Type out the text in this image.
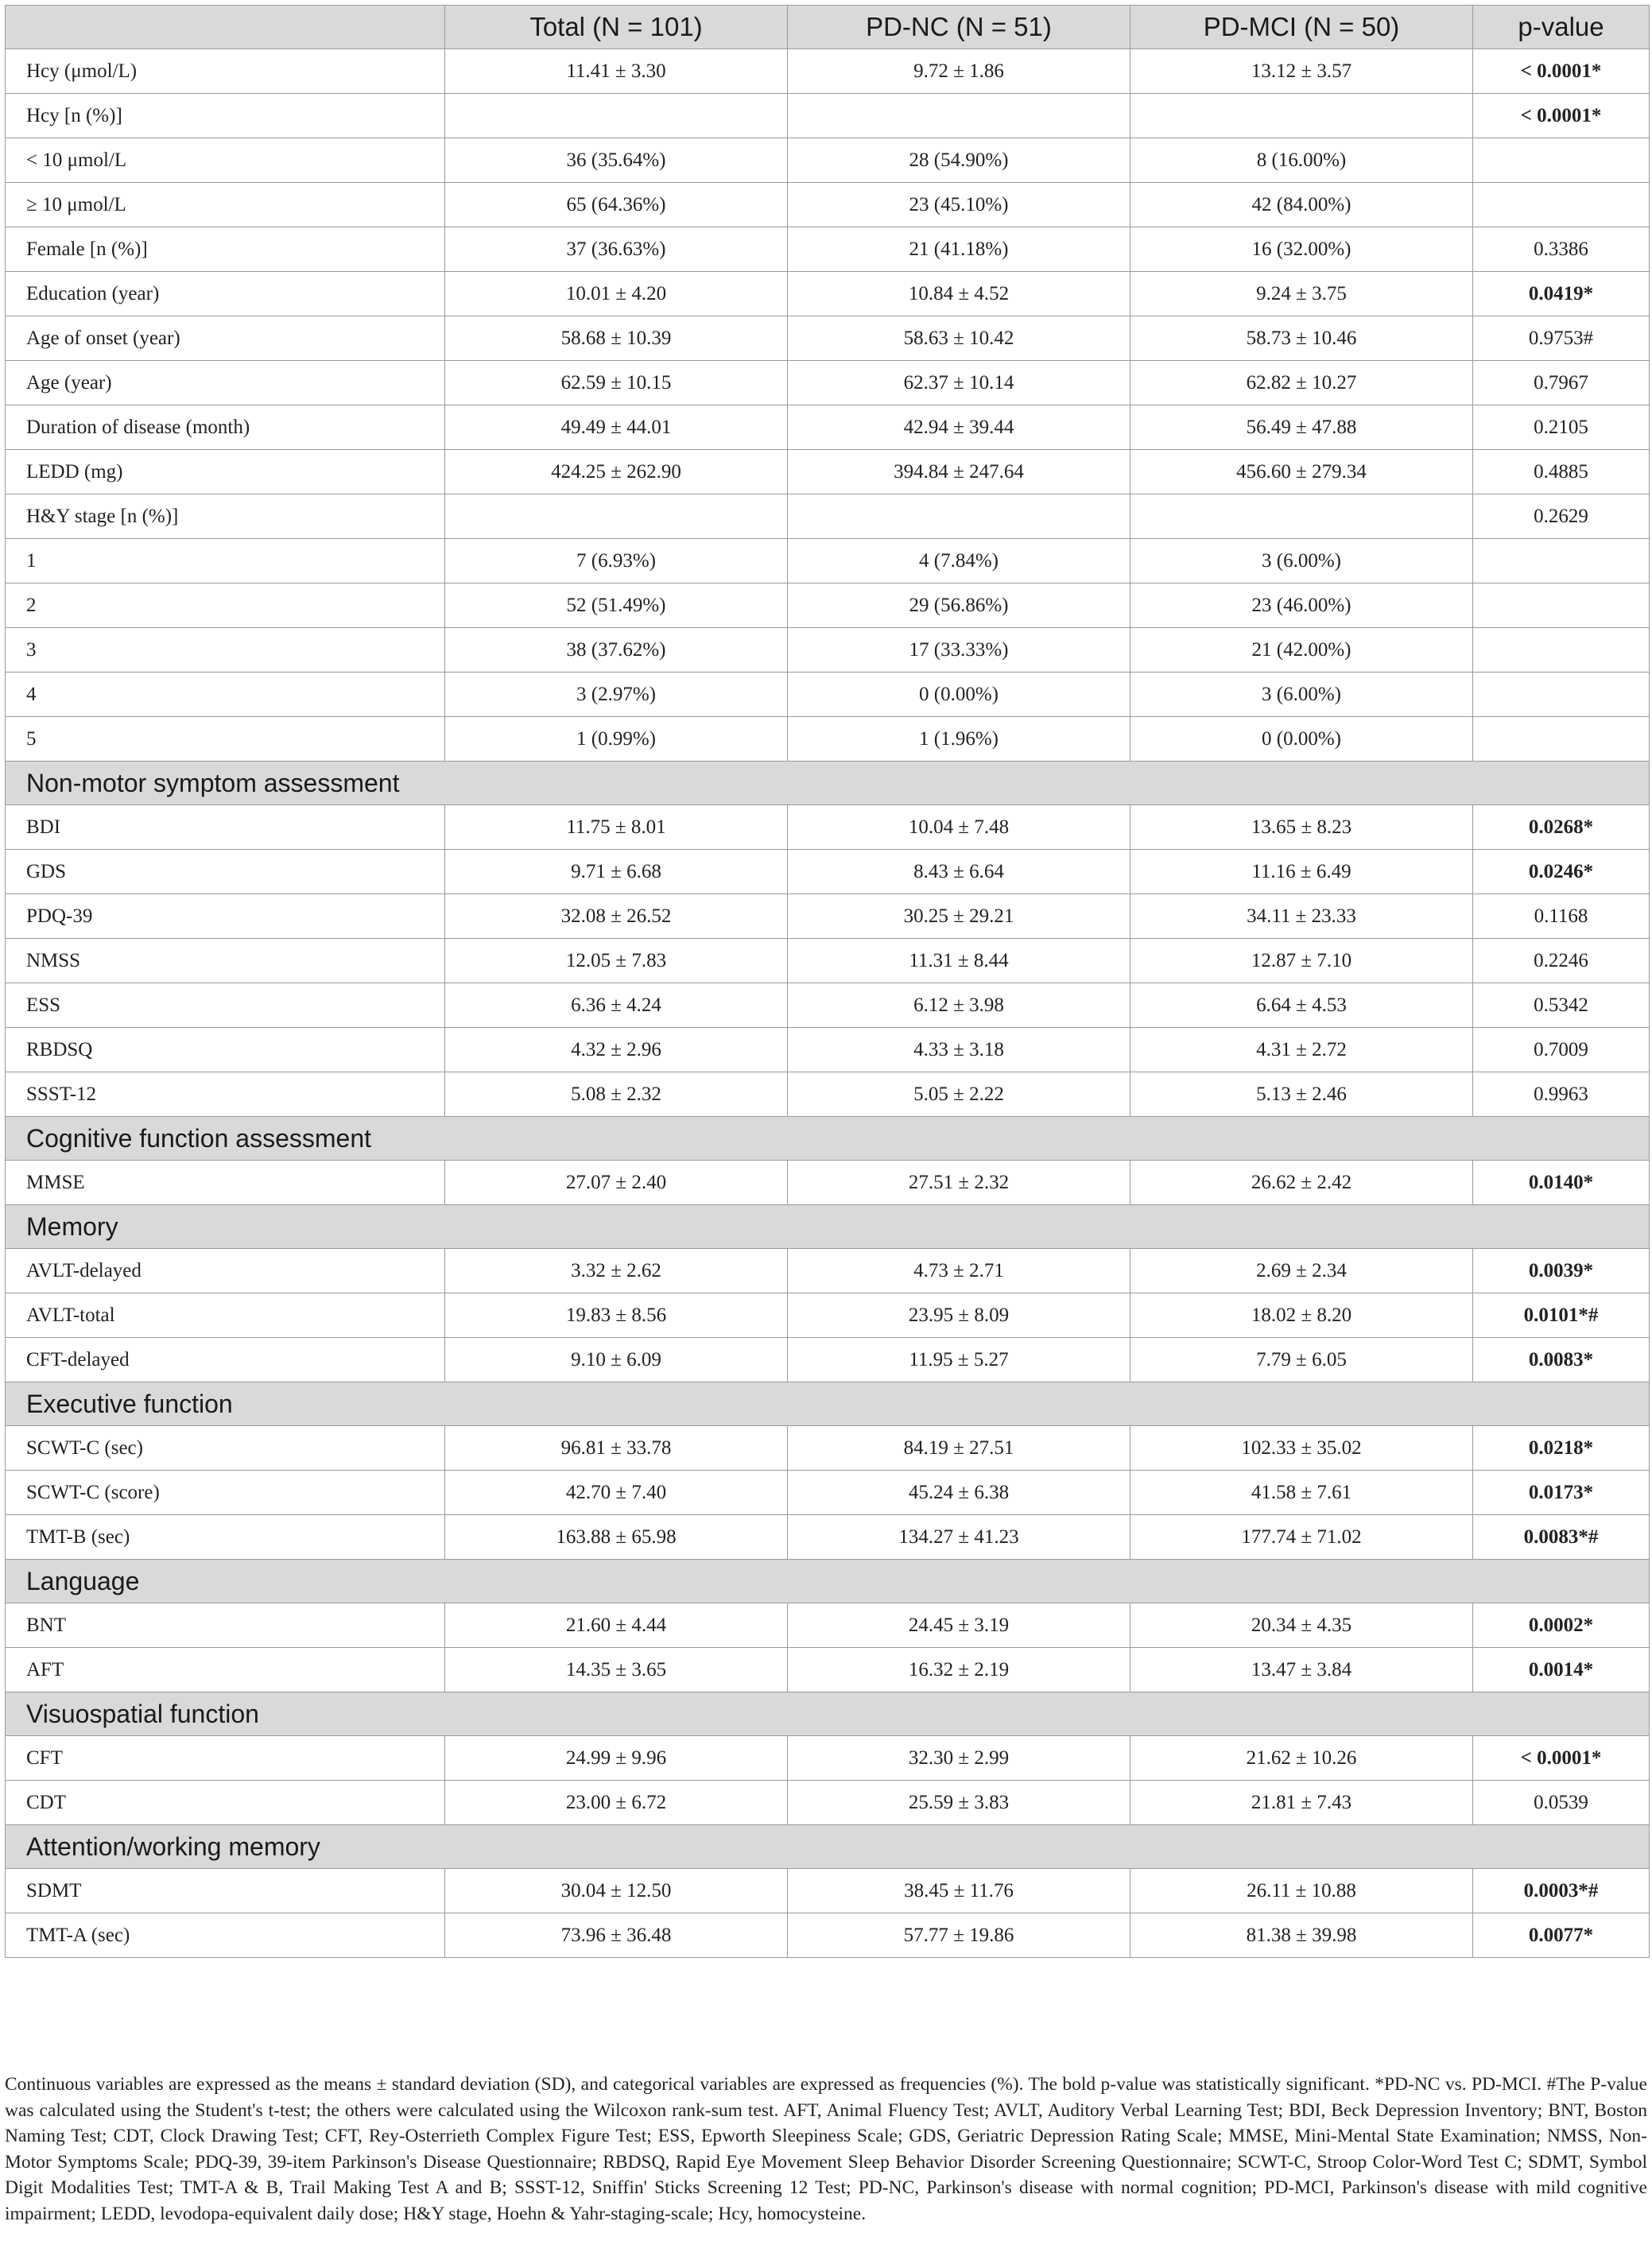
	Total (N = 101)	PD-NC (N = 51)	PD-MCI (N = 50)	p-value
Hcy (μmol/L)	11.41 ± 3.30	9.72 ± 1.86	13.12 ± 3.57	< 0.0001*
Hcy [n (%)]				< 0.0001*
< 10 μmol/L	36 (35.64%)	28 (54.90%)	8 (16.00%)	
≥ 10 μmol/L	65 (64.36%)	23 (45.10%)	42 (84.00%)	
Female [n (%)]	37 (36.63%)	21 (41.18%)	16 (32.00%)	0.3386
Education (year)	10.01 ± 4.20	10.84 ± 4.52	9.24 ± 3.75	0.0419*
Age of onset (year)	58.68 ± 10.39	58.63 ± 10.42	58.73 ± 10.46	0.9753#
Age (year)	62.59 ± 10.15	62.37 ± 10.14	62.82 ± 10.27	0.7967
Duration of disease (month)	49.49 ± 44.01	42.94 ± 39.44	56.49 ± 47.88	0.2105
LEDD (mg)	424.25 ± 262.90	394.84 ± 247.64	456.60 ± 279.34	0.4885
H&Y stage [n (%)]				0.2629
1	7 (6.93%)	4 (7.84%)	3 (6.00%)	
2	52 (51.49%)	29 (56.86%)	23 (46.00%)	
3	38 (37.62%)	17 (33.33%)	21 (42.00%)	
4	3 (2.97%)	0 (0.00%)	3 (6.00%)	
5	1 (0.99%)	1 (1.96%)	0 (0.00%)	
Non-motor symptom assessment				
BDI	11.75 ± 8.01	10.04 ± 7.48	13.65 ± 8.23	0.0268*
GDS	9.71 ± 6.68	8.43 ± 6.64	11.16 ± 6.49	0.0246*
PDQ-39	32.08 ± 26.52	30.25 ± 29.21	34.11 ± 23.33	0.1168
NMSS	12.05 ± 7.83	11.31 ± 8.44	12.87 ± 7.10	0.2246
ESS	6.36 ± 4.24	6.12 ± 3.98	6.64 ± 4.53	0.5342
RBDSQ	4.32 ± 2.96	4.33 ± 3.18	4.31 ± 2.72	0.7009
SSST-12	5.08 ± 2.32	5.05 ± 2.22	5.13 ± 2.46	0.9963
Cognitive function assessment				
MMSE	27.07 ± 2.40	27.51 ± 2.32	26.62 ± 2.42	0.0140*
Memory				
AVLT-delayed	3.32 ± 2.62	4.73 ± 2.71	2.69 ± 2.34	0.0039*
AVLT-total	19.83 ± 8.56	23.95 ± 8.09	18.02 ± 8.20	0.0101*#
CFT-delayed	9.10 ± 6.09	11.95 ± 5.27	7.79 ± 6.05	0.0083*
Executive function				
SCWT-C (sec)	96.81 ± 33.78	84.19 ± 27.51	102.33 ± 35.02	0.0218*
SCWT-C (score)	42.70 ± 7.40	45.24 ± 6.38	41.58 ± 7.61	0.0173*
TMT-B (sec)	163.88 ± 65.98	134.27 ± 41.23	177.74 ± 71.02	0.0083*#
Language				
BNT	21.60 ± 4.44	24.45 ± 3.19	20.34 ± 4.35	0.0002*
AFT	14.35 ± 3.65	16.32 ± 2.19	13.47 ± 3.84	0.0014*
Visuospatial function				
CFT	24.99 ± 9.96	32.30 ± 2.99	21.62 ± 10.26	< 0.0001*
CDT	23.00 ± 6.72	25.59 ± 3.83	21.81 ± 7.43	0.0539
Attention/working memory				
SDMT	30.04 ± 12.50	38.45 ± 11.76	26.11 ± 10.88	0.0003*#
TMT-A (sec)	73.96 ± 36.48	57.77 ± 19.86	81.38 ± 39.98	0.0077*
Continuous variables are expressed as the means ± standard deviation (SD), and categorical variables are expressed as frequencies (%). The bold p-value was statistically significant. *PD-NC vs. PD-MCI. #The P-value was calculated using the Student's t-test; the others were calculated using the Wilcoxon rank-sum test. AFT, Animal Fluency Test; AVLT, Auditory Verbal Learning Test; BDI, Beck Depression Inventory; BNT, Boston Naming Test; CDT, Clock Drawing Test; CFT, Rey-Osterrieth Complex Figure Test; ESS, Epworth Sleepiness Scale; GDS, Geriatric Depression Rating Scale; MMSE, Mini-Mental State Examination; NMSS, Non-Motor Symptoms Scale; PDQ-39, 39-item Parkinson's Disease Questionnaire; RBDSQ, Rapid Eye Movement Sleep Behavior Disorder Screening Questionnaire; SCWT-C, Stroop Color-Word Test C; SDMT, Symbol Digit Modalities Test; TMT-A & B, Trail Making Test A and B; SSST-12, Sniffin' Sticks Screening 12 Test; PD-NC, Parkinson's disease with normal cognition; PD-MCI, Parkinson's disease with mild cognitive impairment; LEDD, levodopa-equivalent daily dose; H&Y stage, Hoehn & Yahr-staging-scale; Hcy, homocysteine.
